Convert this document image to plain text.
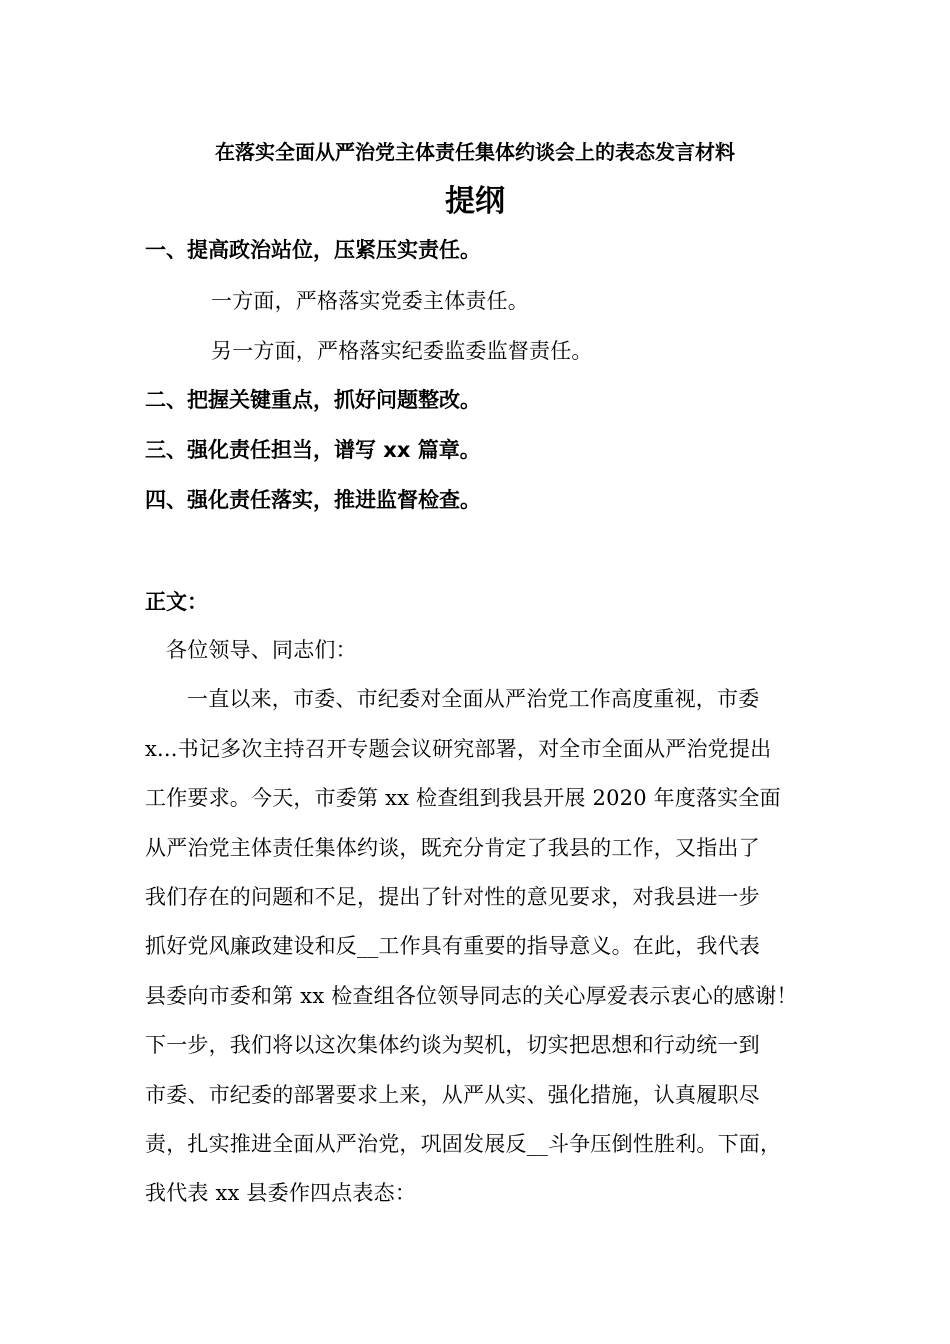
在落实全面从严治党主体责任集体约谈会上的表态发言材料
提纲
一、提高政治站位，压紧压实责任。
一方面，严格落实党委主体责任。
另一方面，严格落实纪委监委监督责任。
二、把握关键重点，抓好问题整改。
三、强化责任担当，谱写 xx 篇章。
四、强化责任落实，推进监督检查。
正文：
各位领导、同志们：
一直以来，市委、市纪委对全面从严治党工作高度重视，市委
x...书记多次主持召开专题会议研究部署，对全市全面从严治党提出
工作要求。今天，市委第 xx 检查组到我县开展 2020 年度落实全面
从严治党主体责任集体约谈，既充分肯定了我县的工作，又指出了
我们存在的问题和不足，提出了针对性的意见要求，对我县进一步
抓好党风廉政建设和反__工作具有重要的指导意义。在此，我代表
县委向市委和第 xx 检查组各位领导同志的关心厚爱表示衷心的感谢！
下一步，我们将以这次集体约谈为契机，切实把思想和行动统一到
市委、市纪委的部署要求上来，从严从实、强化措施，认真履职尽
责，扎实推进全面从严治党，巩固发展反__斗争压倒性胜利。下面，
我代表 xx 县委作四点表态：
